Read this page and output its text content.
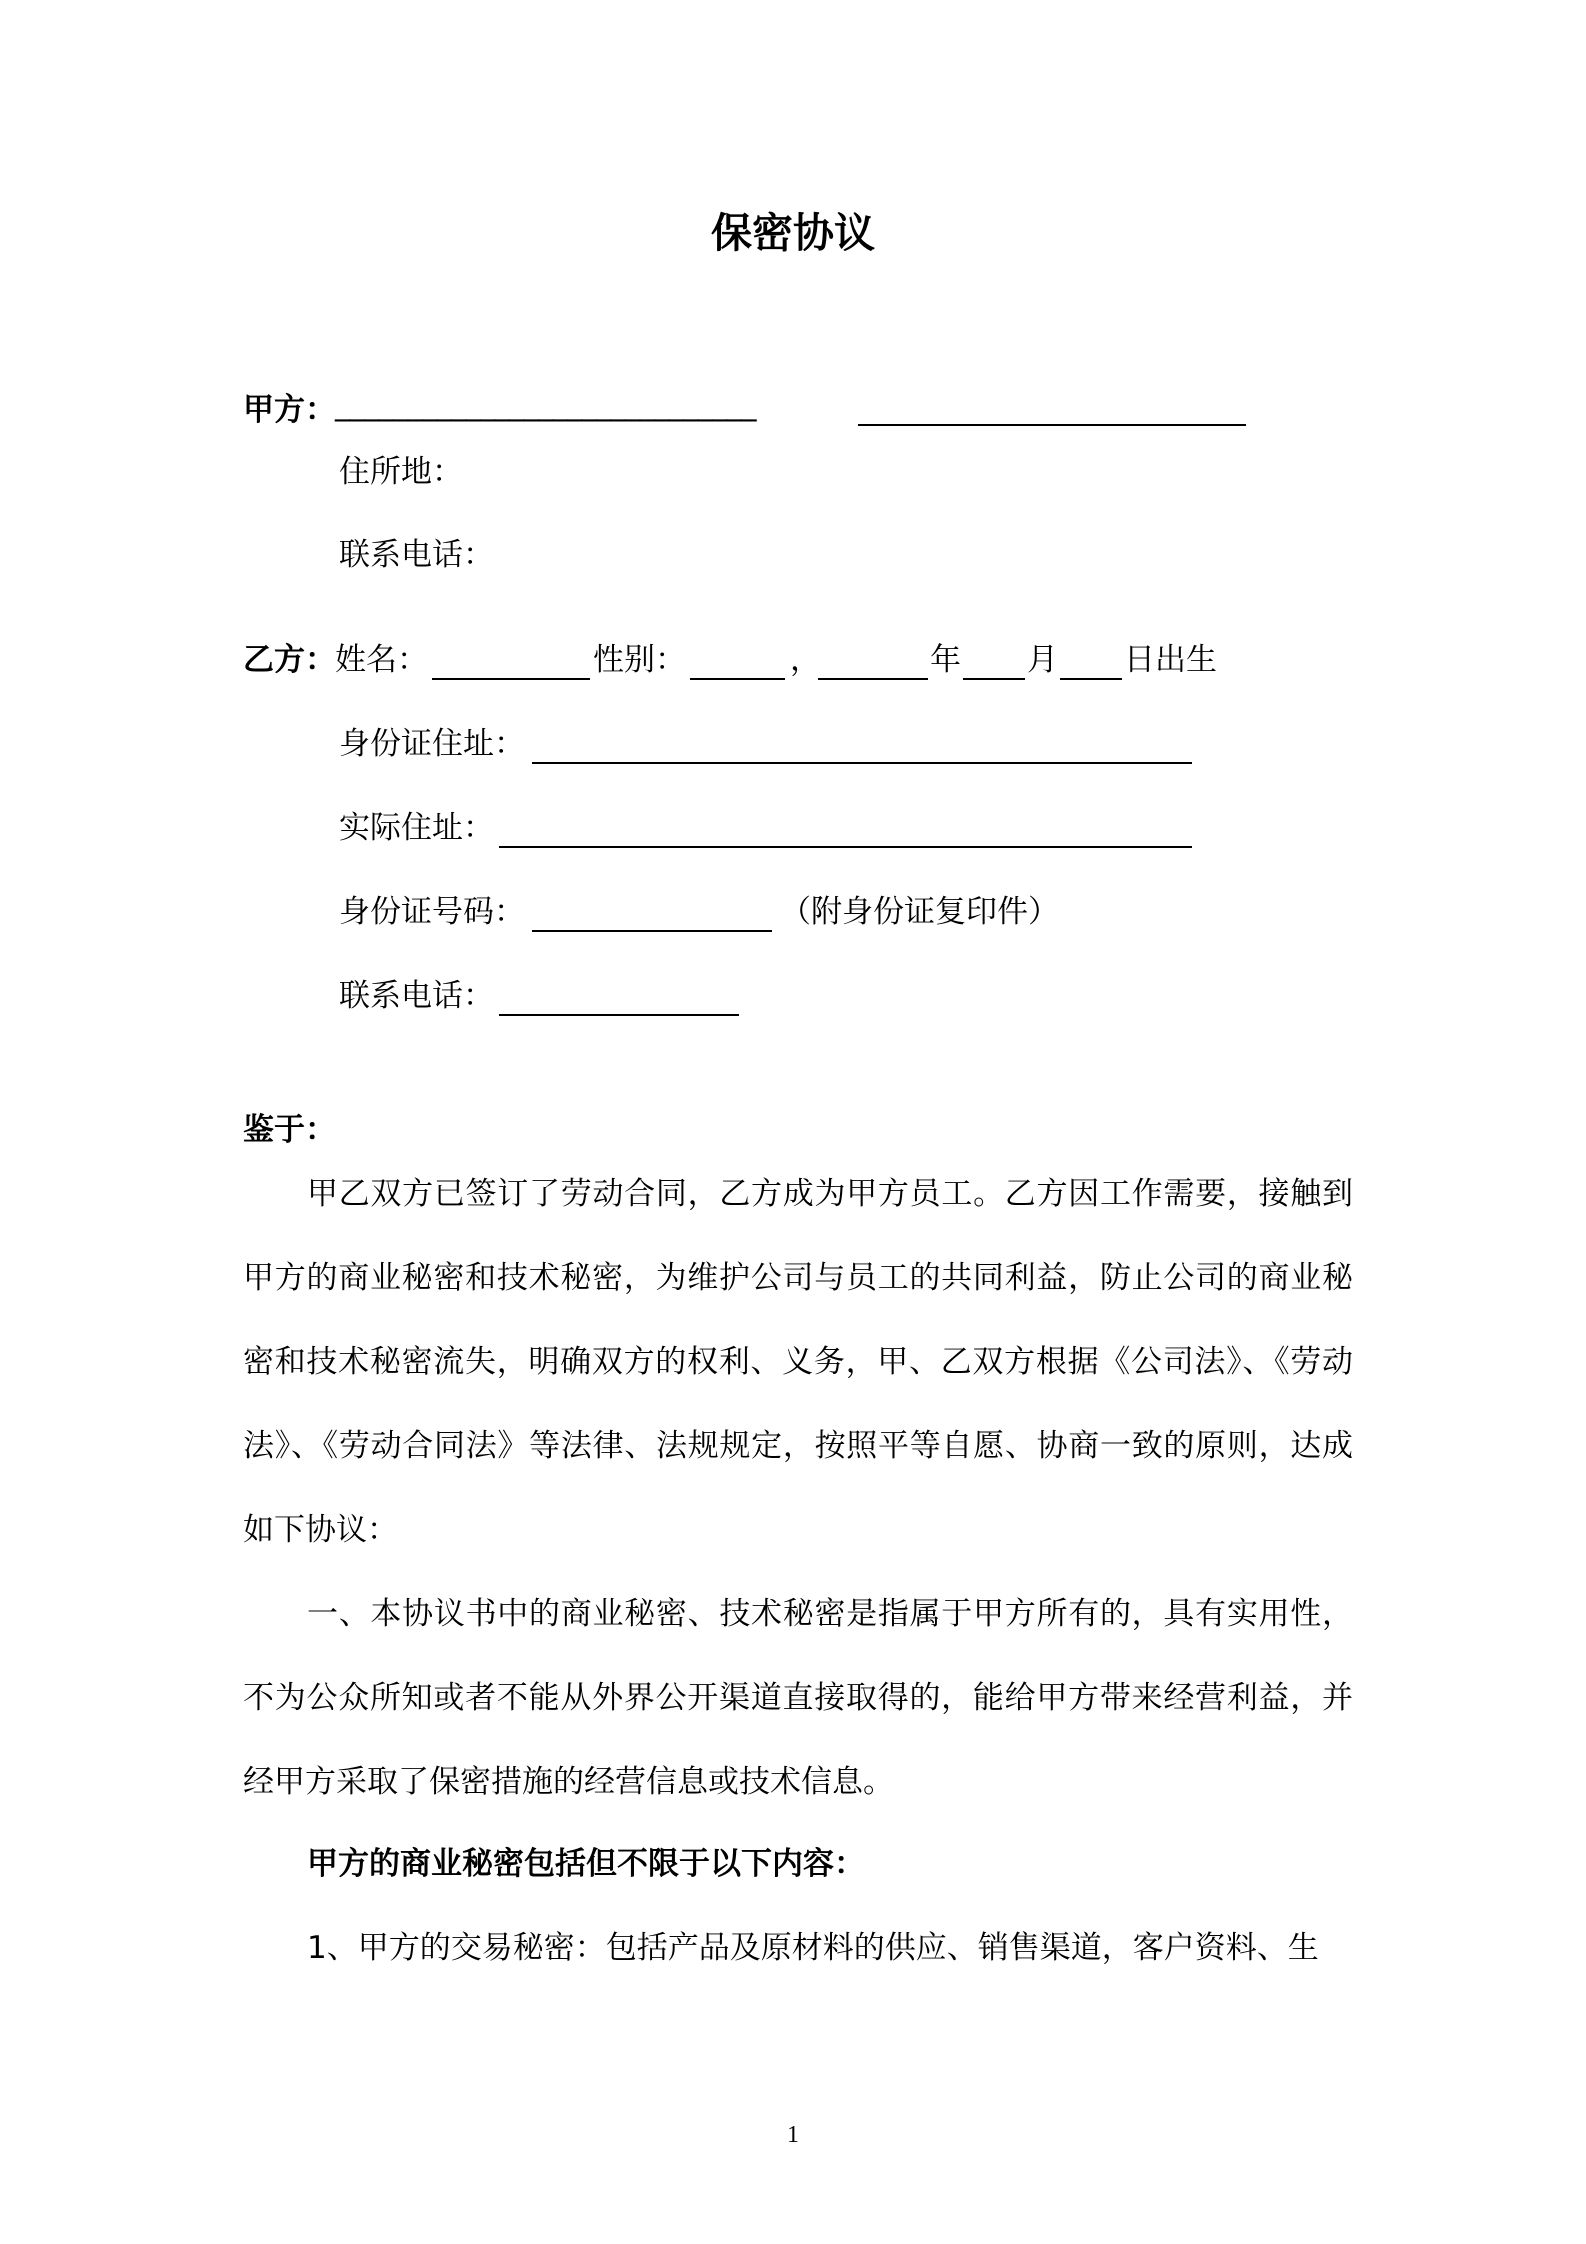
保密协议
甲方： _____________________________
住所地：
联系电话：
乙方： 姓名：	性别：	，	年 月 日出生
身份证住址：
实际住址：
身份证号码：	（附身份证复印件）
联系电话：
鉴于：
甲乙双方已签订了劳动合同，乙方成为甲方员工。乙方因工作需要，接触到甲方的商业秘密和技术秘密，为维护公司与员工的共同利益，防止公司的商业秘密和技术秘密流失，明确双方的权利、义务，甲、乙双方根据《公司法》、《劳动法》、《劳动合同法》等法律、法规规定，按照平等自愿、协商一致的原则，达成如下协议：
一、本协议书中的商业秘密、技术秘密是指属于甲方所有的，具有实用性，不为公众所知或者不能从外界公开渠道直接取得的，能给甲方带来经营利益，并经甲方采取了保密措施的经营信息或技术信息。
甲方的商业秘密包括但不限于以下内容：
1、甲方的交易秘密：包括产品及原材料的供应、销售渠道，客户资料、生
1
